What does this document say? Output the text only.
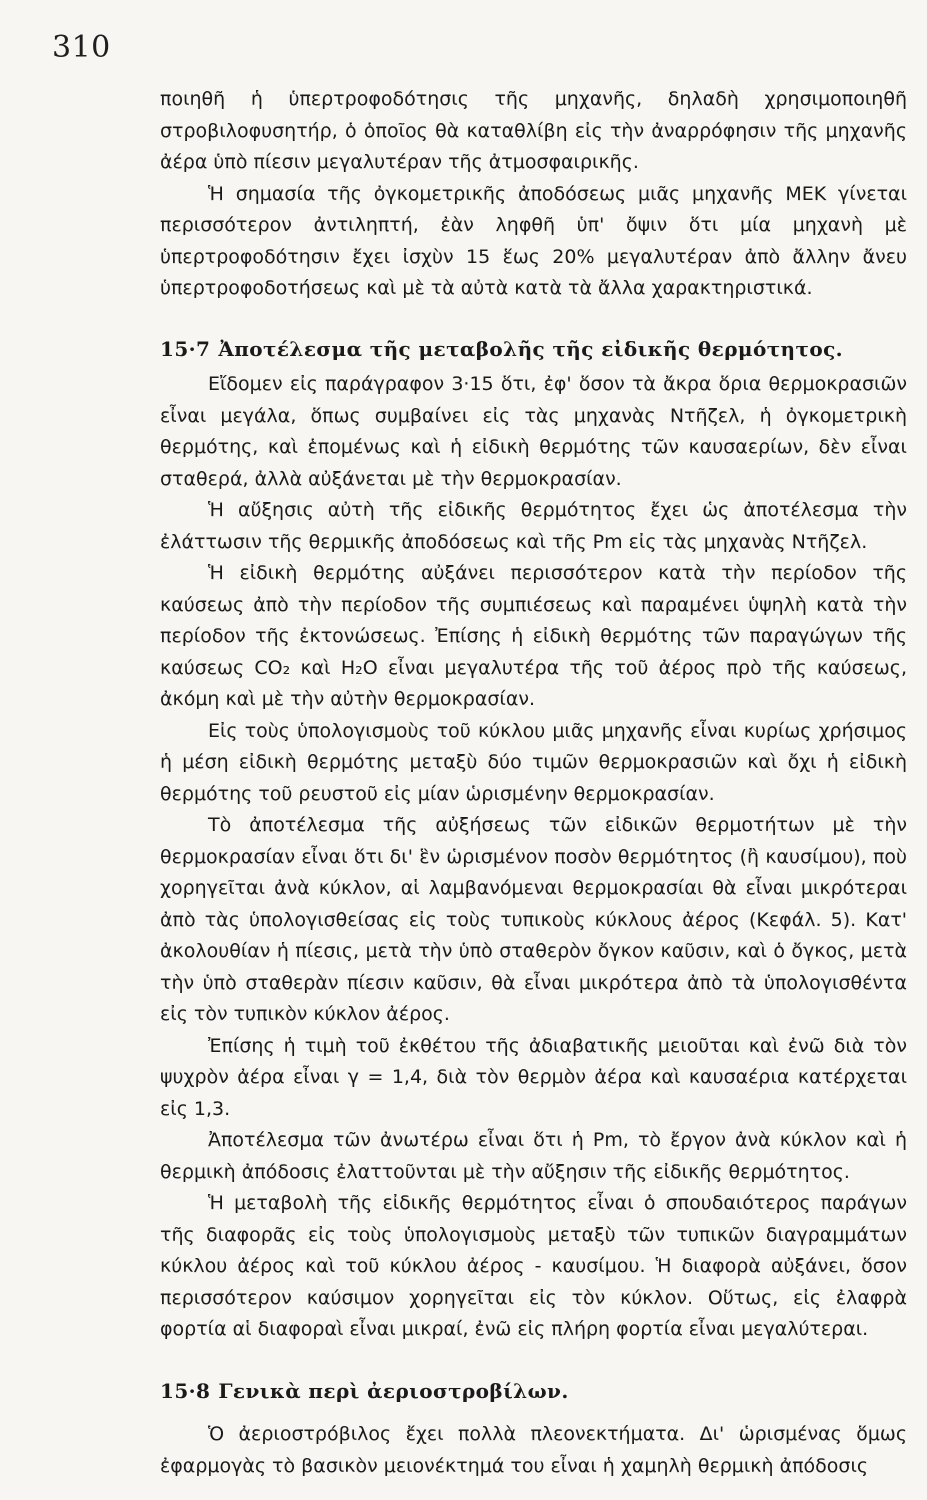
310

ποιηθῆ ἡ ὑπερτροφοδότησις τῆς μηχανῆς, δηλαδὴ χρησιμοποιηθῆ στροβιλοφυσητήρ, ὁ ὁποῖος θὰ καταθλίβη εἰς τὴν ἀναρρόφησιν τῆς μηχανῆς ἀέρα ὑπὸ πίεσιν μεγαλυτέραν τῆς ἀτμοσφαιρικῆς.

Ἡ σημασία τῆς ὀγκομετρικῆς ἀποδόσεως μιᾶς μηχανῆς ΜΕΚ γίνεται περισσότερον ἀντιληπτή, ἐὰν ληφθῆ ὑπ' ὄψιν ὅτι μία μηχανὴ μὲ ὑπερτροφοδότησιν ἔχει ἰσχὺν 15 ἕως 20% μεγαλυτέραν ἀπὸ ἄλλην ἄνευ ὑπερτροφοδοτήσεως καὶ μὲ τὰ αὐτὰ κατὰ τὰ ἄλλα χαρακτηριστικά.

15·7 Ἀποτέλεσμα τῆς μεταβολῆς τῆς εἰδικῆς θερμότητος.

Εἴδομεν εἰς παράγραφον 3·15 ὅτι, ἐφ' ὅσον τὰ ἄκρα ὅρια θερμοκρασιῶν εἶναι μεγάλα, ὅπως συμβαίνει εἰς τὰς μηχανὰς Ντῆζελ, ἡ ὀγκομετρικὴ θερμότης, καὶ ἑπομένως καὶ ἡ εἰδικὴ θερμότης τῶν καυσαερίων, δὲν εἶναι σταθερά, ἀλλὰ αὐξάνεται μὲ τὴν θερμοκρασίαν.

Ἡ αὔξησις αὐτὴ τῆς εἰδικῆς θερμότητος ἔχει ὡς ἀποτέλεσμα τὴν ἐλάττωσιν τῆς θερμικῆς ἀποδόσεως καὶ τῆς Pm εἰς τὰς μηχανὰς Ντῆζελ.

Ἡ εἰδικὴ θερμότης αὐξάνει περισσότερον κατὰ τὴν περίοδον τῆς καύσεως ἀπὸ τὴν περίοδον τῆς συμπιέσεως καὶ παραμένει ὑψηλὴ κατὰ τὴν περίοδον τῆς ἐκτονώσεως. Ἐπίσης ἡ εἰδικὴ θερμότης τῶν παραγώγων τῆς καύσεως CO₂ καὶ H₂O εἶναι μεγαλυτέρα τῆς τοῦ ἀέρος πρὸ τῆς καύσεως, ἀκόμη καὶ μὲ τὴν αὐτὴν θερμοκρασίαν.

Εἰς τοὺς ὑπολογισμοὺς τοῦ κύκλου μιᾶς μηχανῆς εἶναι κυρίως χρήσιμος ἡ μέση εἰδικὴ θερμότης μεταξὺ δύο τιμῶν θερμοκρασιῶν καὶ ὄχι ἡ εἰδικὴ θερμότης τοῦ ρευστοῦ εἰς μίαν ὡρισμένην θερμοκρασίαν.

Τὸ ἀποτέλεσμα τῆς αὐξήσεως τῶν εἰδικῶν θερμοτήτων μὲ τὴν θερμοκρασίαν εἶναι ὅτι δι' ἓν ὡρισμένον ποσὸν θερμότητος (ἢ καυσίμου), ποὺ χορηγεῖται ἀνὰ κύκλον, αἱ λαμβανόμεναι θερμοκρασίαι θὰ εἶναι μικρότεραι ἀπὸ τὰς ὑπολογισθείσας εἰς τοὺς τυπικοὺς κύκλους ἀέρος (Κεφάλ. 5). Κατ' ἀκολουθίαν ἡ πίεσις, μετὰ τὴν ὑπὸ σταθερὸν ὄγκον καῦσιν, καὶ ὁ ὄγκος, μετὰ τὴν ὑπὸ σταθερὰν πίεσιν καῦσιν, θὰ εἶναι μικρότερα ἀπὸ τὰ ὑπολογισθέντα εἰς τὸν τυπικὸν κύκλον ἀέρος.

Ἐπίσης ἡ τιμὴ τοῦ ἐκθέτου τῆς ἀδιαβατικῆς μειοῦται καὶ ἐνῶ διὰ τὸν ψυχρὸν ἀέρα εἶναι γ = 1,4, διὰ τὸν θερμὸν ἀέρα καὶ καυσαέρια κατέρχεται εἰς 1,3.

Ἀποτέλεσμα τῶν ἀνωτέρω εἶναι ὅτι ἡ Pm, τὸ ἔργον ἀνὰ κύκλον καὶ ἡ θερμικὴ ἀπόδοσις ἐλαττοῦνται μὲ τὴν αὔξησιν τῆς εἰδικῆς θερμότητος.

Ἡ μεταβολὴ τῆς εἰδικῆς θερμότητος εἶναι ὁ σπουδαιότερος παράγων τῆς διαφορᾶς εἰς τοὺς ὑπολογισμοὺς μεταξὺ τῶν τυπικῶν διαγραμμάτων κύκλου ἀέρος καὶ τοῦ κύκλου ἀέρος - καυσίμου. Ἡ διαφορὰ αὐξάνει, ὅσον περισσότερον καύσιμον χορηγεῖται εἰς τὸν κύκλον. Οὕτως, εἰς ἐλαφρὰ φορτία αἱ διαφοραὶ εἶναι μικραί, ἐνῶ εἰς πλήρη φορτία εἶναι μεγαλύτεραι.

15·8 Γενικὰ περὶ ἀεριοστροβίλων.

Ὁ ἀεριοστρόβιλος ἔχει πολλὰ πλεονεκτήματα. Δι' ὡρισμένας ὅμως ἐφαρμογὰς τὸ βασικὸν μειονέκτημά του εἶναι ἡ χαμηλὴ θερμικὴ ἀπόδοσις
